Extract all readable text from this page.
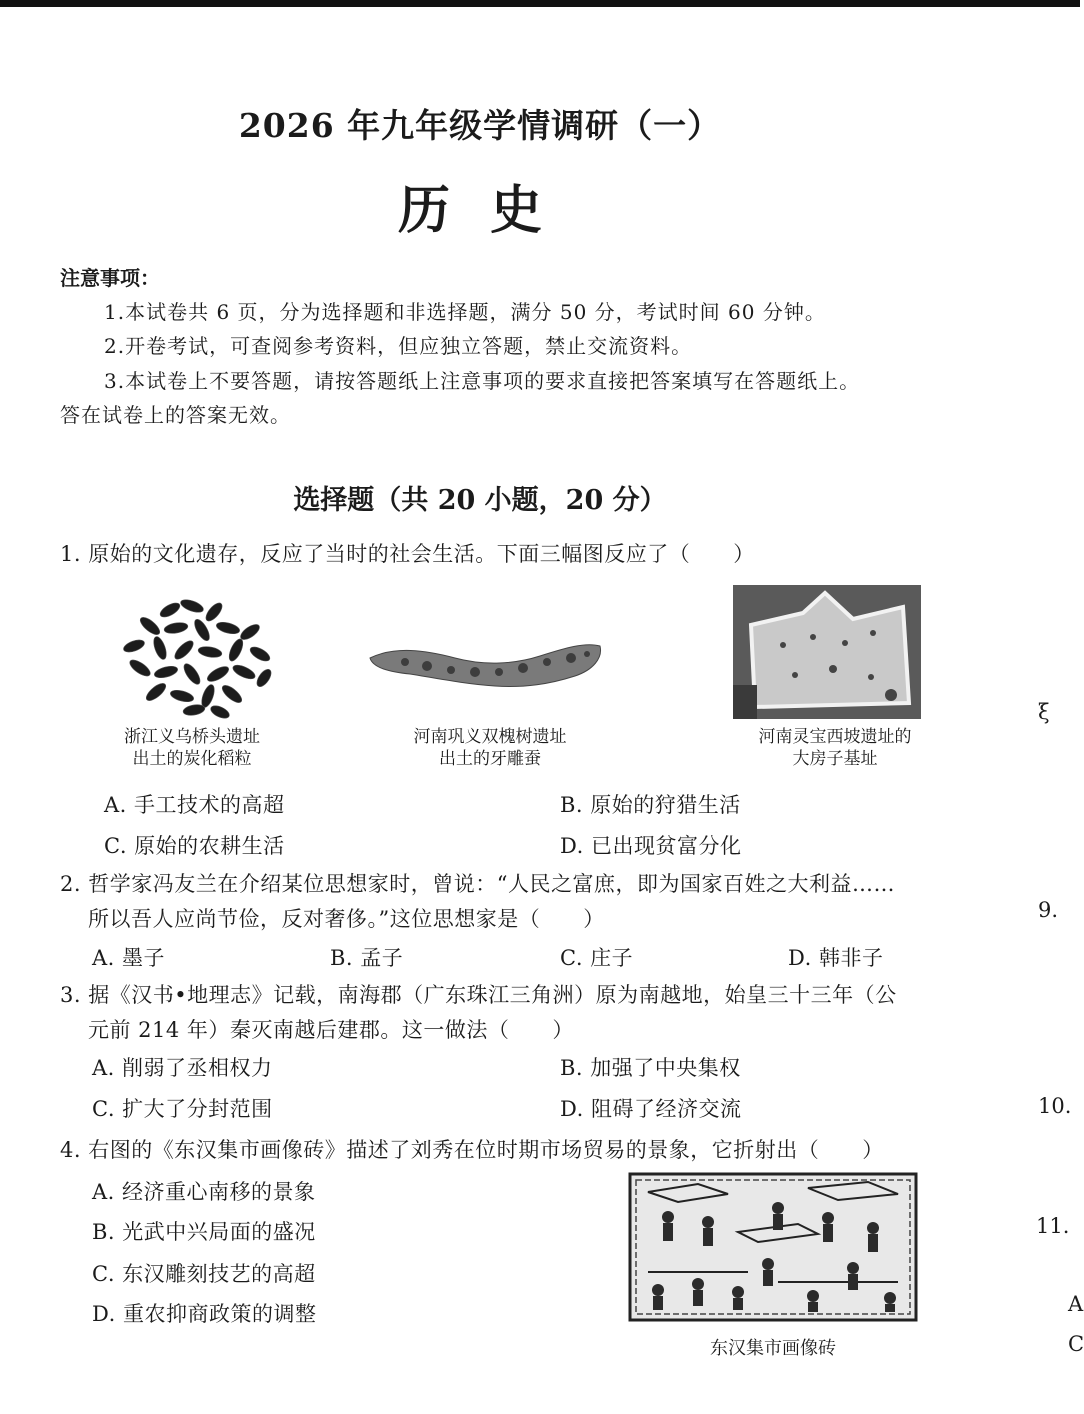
2026 年九年级学情调研（一）
历史
注意事项：
1.本试卷共 6 页，分为选择题和非选择题，满分 50 分，考试时间 60 分钟。
2.开卷考试，可查阅参考资料，但应独立答题，禁止交流资料。
3.本试卷上不要答题，请按答题纸上注意事项的要求直接把答案填写在答题纸上。
答在试卷上的答案无效。
选择题（共 20 小题，20 分）
1. 原始的文化遗存，反应了当时的社会生活。下面三幅图反应了（　　）
浙江义乌桥头遗址
出土的炭化稻粒
河南巩义双槐树遗址
出土的牙雕蚕
河南灵宝西坡遗址的
大房子基址
A. 手工技术的高超	B. 原始的狩猎生活
C. 原始的农耕生活	D. 已出现贫富分化
2. 哲学家冯友兰在介绍某位思想家时，曾说：“人民之富庶，即为国家百姓之大利益……
所以吾人应尚节俭，反对奢侈。”这位思想家是（　　）
A. 墨子	B. 孟子	C. 庄子	D. 韩非子
3. 据《汉书•地理志》记载，南海郡（广东珠江三角洲）原为南越地，始皇三十三年（公
元前 214 年）秦灭南越后建郡。这一做法（　　）
A. 削弱了丞相权力	B. 加强了中央集权
C. 扩大了分封范围	D. 阻碍了经济交流
4. 右图的《东汉集市画像砖》描述了刘秀在位时期市场贸易的景象，它折射出（　　）
A. 经济重心南移的景象
B. 光武中兴局面的盛况
C. 东汉雕刻技艺的高超
D. 重农抑商政策的调整
东汉集市画像砖
ξ
9.
10.
11.
A
C
